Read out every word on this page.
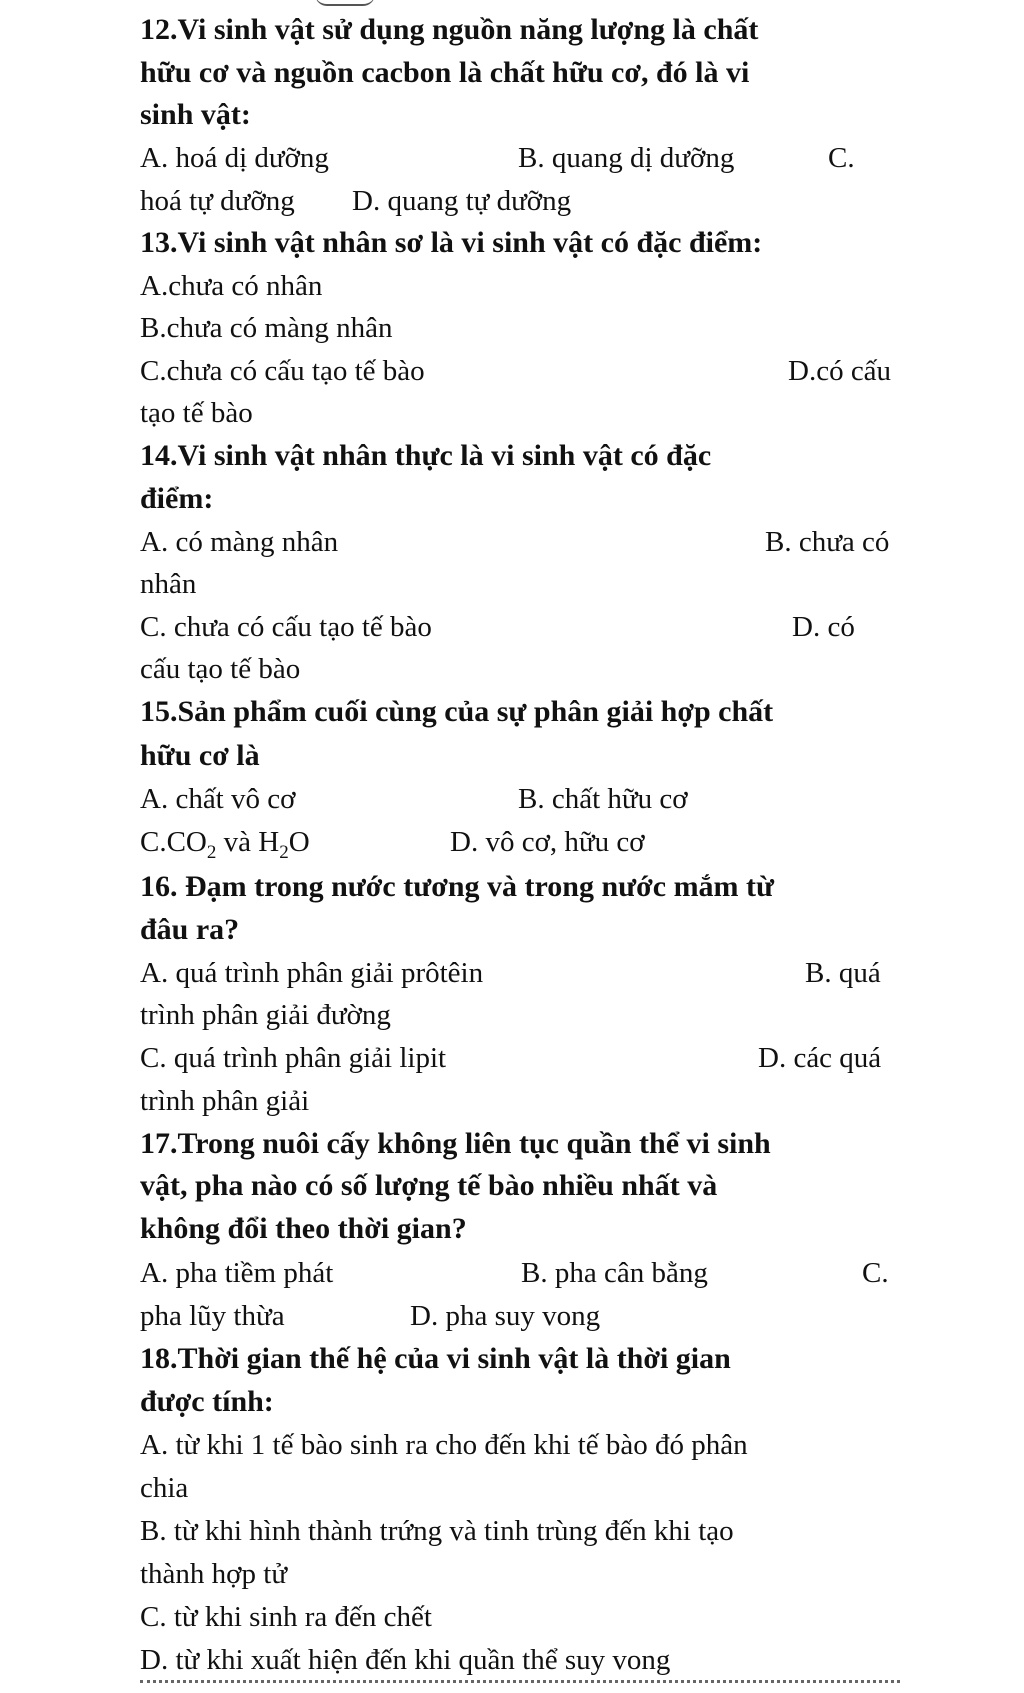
12.Vi sinh vật sử dụng nguồn năng lượng là chất
hữu cơ và nguồn cacbon là chất hữu cơ, đó là vi
sinh vật:
A. hoá dị dưỡng	B. quang dị dưỡng	C.
hoá tự dưỡng D. quang tự dưỡng
13.Vi sinh vật nhân sơ là vi sinh vật có đặc điểm:
A.chưa có nhân
B.chưa có màng nhân
C.chưa có cấu tạo tế bào	D.có cấu
tạo tế bào
14.Vi sinh vật nhân thực là vi sinh vật có đặc
điểm:
A. có màng nhân	B. chưa có
nhân
C. chưa có cấu tạo tế bào	D. có
cấu tạo tế bào
15.Sản phẩm cuối cùng của sự phân giải hợp chất
hữu cơ là
A. chất vô cơ	B. chất hữu cơ
$C.CO_2$ và $H_2O$	D. vô cơ, hữu cơ
16. Đạm trong nước tương và trong nước mắm từ
đâu ra?
A. quá trình phân giải prôtêin	B. quá
trình phân giải đường
C. quá trình phân giải lipit	D. các quá
trình phân giải
17.Trong nuôi cấy không liên tục quần thể vi sinh
vật, pha nào có số lượng tế bào nhiều nhất và
không đổi theo thời gian?
A. pha tiềm phát	B. pha cân bằng	C.
pha lũy thừa	D. pha suy vong
18.Thời gian thế hệ của vi sinh vật là thời gian
được tính:
A. từ khi 1 tế bào sinh ra cho đến khi tế bào đó phân
chia
B. từ khi hình thành trứng và tinh trùng đến khi tạo
thành hợp tử
C. từ khi sinh ra đến chết
D. từ khi xuất hiện đến khi quần thể suy vong
